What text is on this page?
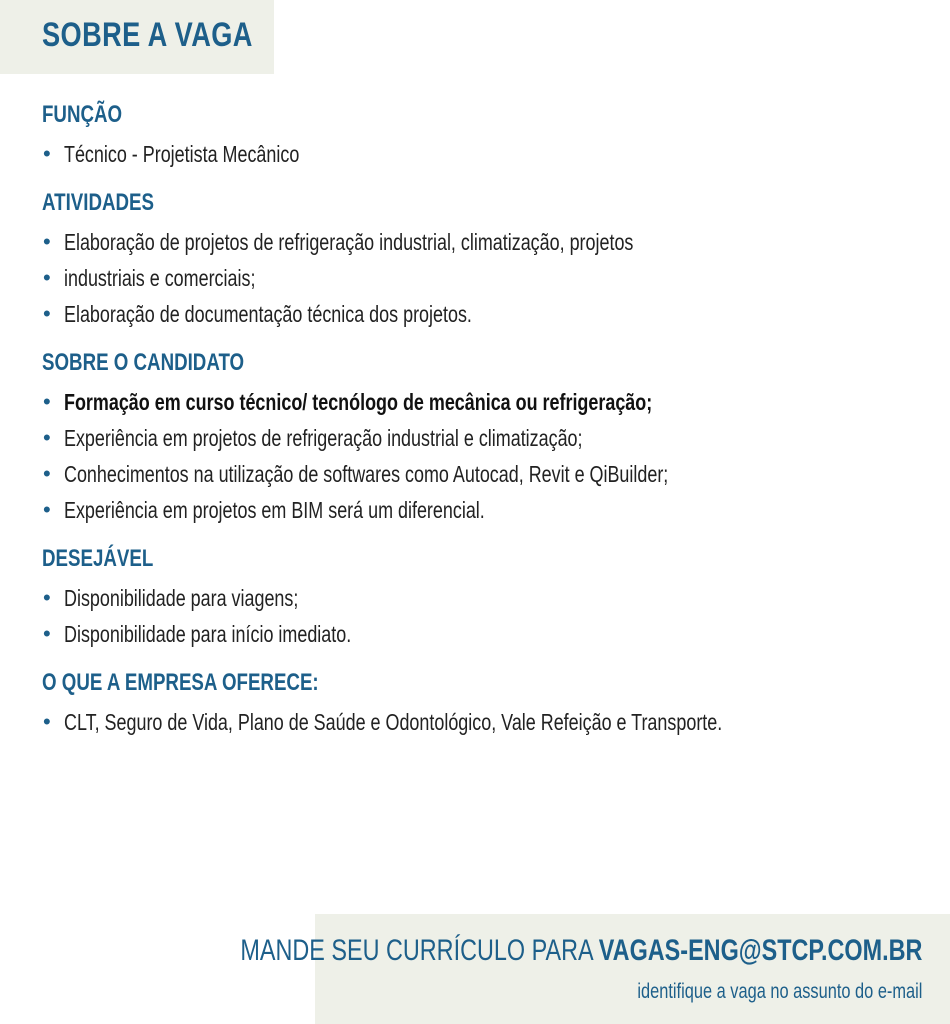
SOBRE A VAGA
FUNÇÃO
• Técnico - Projetista Mecânico
ATIVIDADES
• Elaboração de projetos de refrigeração industrial, climatização, projetos
• industriais e comerciais;
• Elaboração de documentação técnica dos projetos.
SOBRE O CANDIDATO
• Formação em curso técnico/ tecnólogo de mecânica ou refrigeração;
• Experiência em projetos de refrigeração industrial e climatização;
• Conhecimentos na utilização de softwares como Autocad, Revit e QiBuilder;
• Experiência em projetos em BIM será um diferencial.
DESEJÁVEL
• Disponibilidade para viagens;
• Disponibilidade para início imediato.
O QUE A EMPRESA OFERECE:
• CLT, Seguro de Vida, Plano de Saúde e Odontológico, Vale Refeição e Transporte.
MANDE SEU CURRÍCULO PARA VAGAS-ENG@STCP.COM.BR
identifique a vaga no assunto do e-mail
